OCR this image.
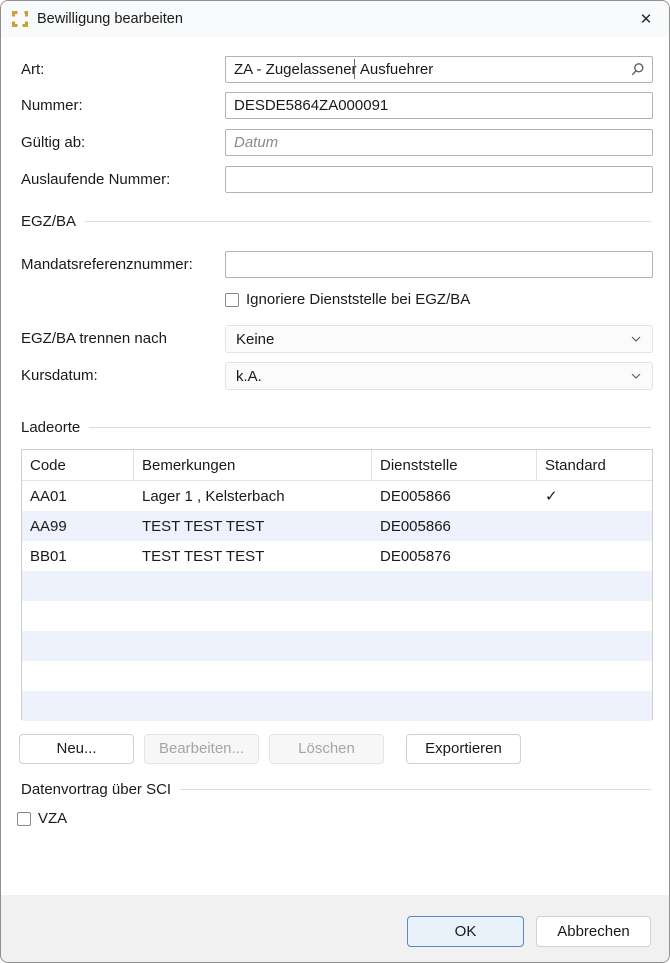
Bewilligung bearbeiten	✕
Art:
ZA - Zugelassener Ausfuehrer
Nummer:
DESDE5864ZA000091
Gültig ab:
Datum
Auslaufende Nummer:
EGZ/BA
Mandatsreferenznummer:
Ignoriere Dienststelle bei EGZ/BA
EGZ/BA trennen nach	Keine
Kursdatum:	k.A.
Ladeorte
Code	Bemerkungen	Dienststelle	Standard
AA01	Lager 1 , Kelsterbach	DE005866	✓
AA99	TEST TEST TEST	DE005866
BB01	TEST TEST TEST	DE005876
Neu...	Bearbeiten...	Löschen	Exportieren
Datenvortrag über SCI
VZA
OK	Abbrechen
